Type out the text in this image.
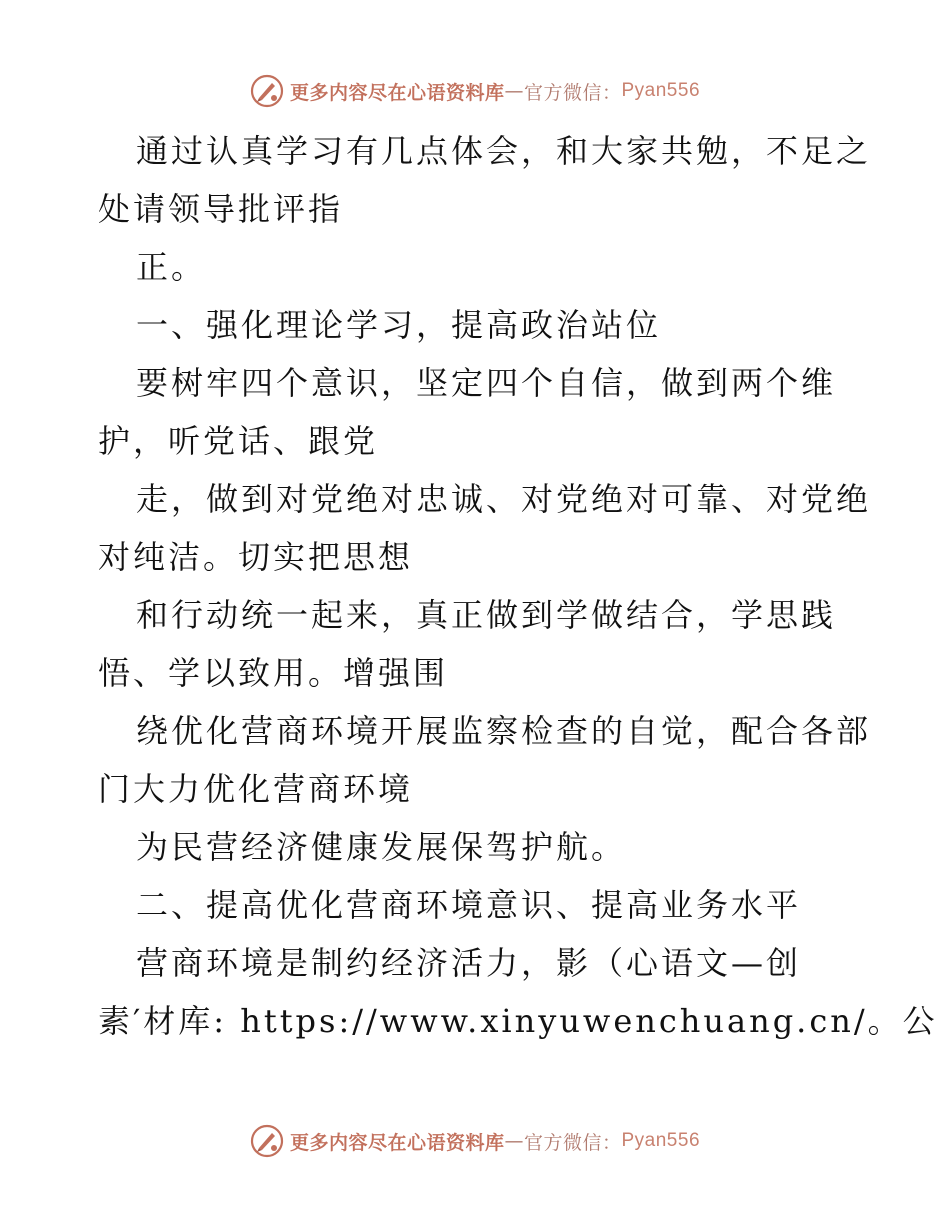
更多内容尽在心语资料库 — 官方微信： Pyan556
通过认真学习有几点体会，和大家共勉，不足之
处请领导批评指
正。
一、强化理论学习，提高政治站位
要树牢四个意识，坚定四个自信，做到两个维
护，听党话、跟党
走，做到对党绝对忠诚、对党绝对可靠、对党绝
对纯洁。切实把思想
和行动统一起来，真正做到学做结合，学思践
悟、学以致用。增强围
绕优化营商环境开展监察检查的自觉，配合各部
门大力优化营商环境
为民营经济健康发展保驾护航。
二、提高优化营商环境意识、提高业务水平
营商环境是制约经济活力，影（心语文—创
素′材库: https://www.xinyuwenchuang.cn/。公
更多内容尽在心语资料库 — 官方微信： Pyan556
